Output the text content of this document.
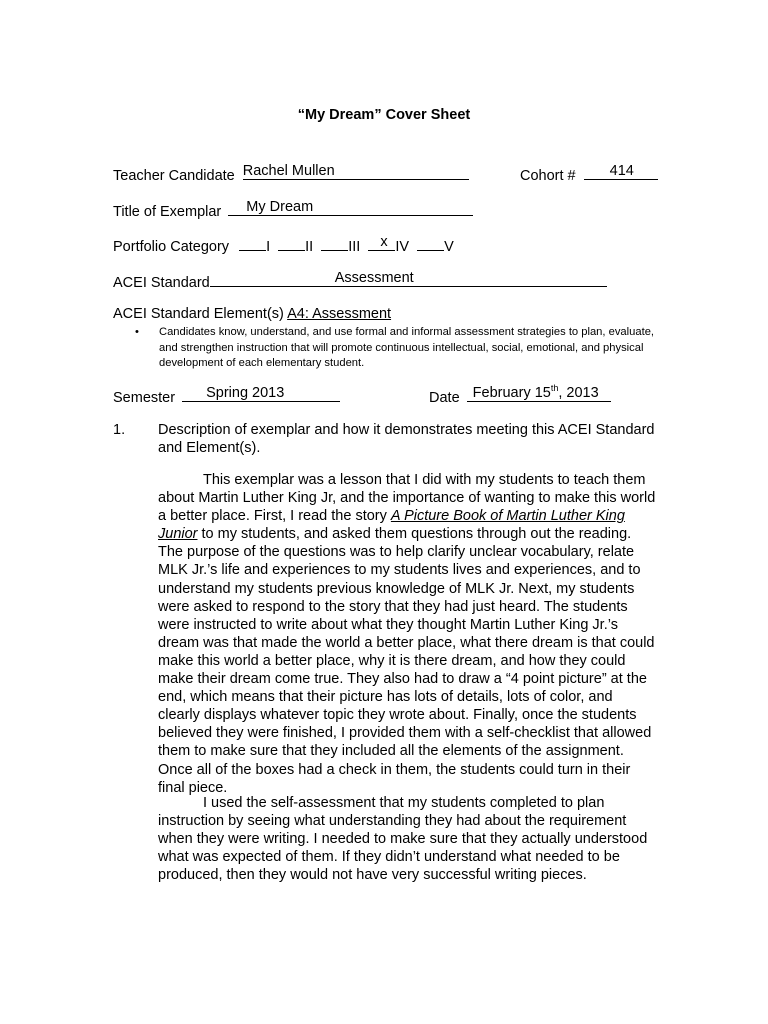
“My Dream” Cover Sheet
Teacher Candidate Rachel Mullen	Cohort # 414
Title of Exemplar My Dream
Portfolio Category	I II III x IV V
ACEI Standard	Assessment
ACEI Standard Element(s) A4: Assessment
• Candidates know, understand, and use formal and informal assessment strategies to plan, evaluate, and strengthen instruction that will promote continuous intellectual, social, emotional, and physical development of each elementary student.
Semester Spring 2013	Date February 15th, 2013
1. Description of exemplar and how it demonstrates meeting this ACEI Standard and Element(s).
This exemplar was a lesson that I did with my students to teach them about Martin Luther King Jr, and the importance of wanting to make this world a better place. First, I read the story A Picture Book of Martin Luther King Junior to my students, and asked them questions through out the reading. The purpose of the questions was to help clarify unclear vocabulary, relate MLK Jr.’s life and experiences to my students lives and experiences, and to understand my students previous knowledge of MLK Jr. Next, my students were asked to respond to the story that they had just heard. The students were instructed to write about what they thought Martin Luther King Jr.’s dream was that made the world a better place, what there dream is that could make this world a better place, why it is there dream, and how they could make their dream come true. They also had to draw a “4 point picture” at the end, which means that their picture has lots of details, lots of color, and clearly displays whatever topic they wrote about. Finally, once the students believed they were finished, I provided them with a self-checklist that allowed them to make sure that they included all the elements of the assignment. Once all of the boxes had a check in them, the students could turn in their final piece.
I used the self-assessment that my students completed to plan instruction by seeing what understanding they had about the requirement when they were writing. I needed to make sure that they actually understood what was expected of them. If they didn’t understand what needed to be produced, then they would not have very successful writing pieces.
